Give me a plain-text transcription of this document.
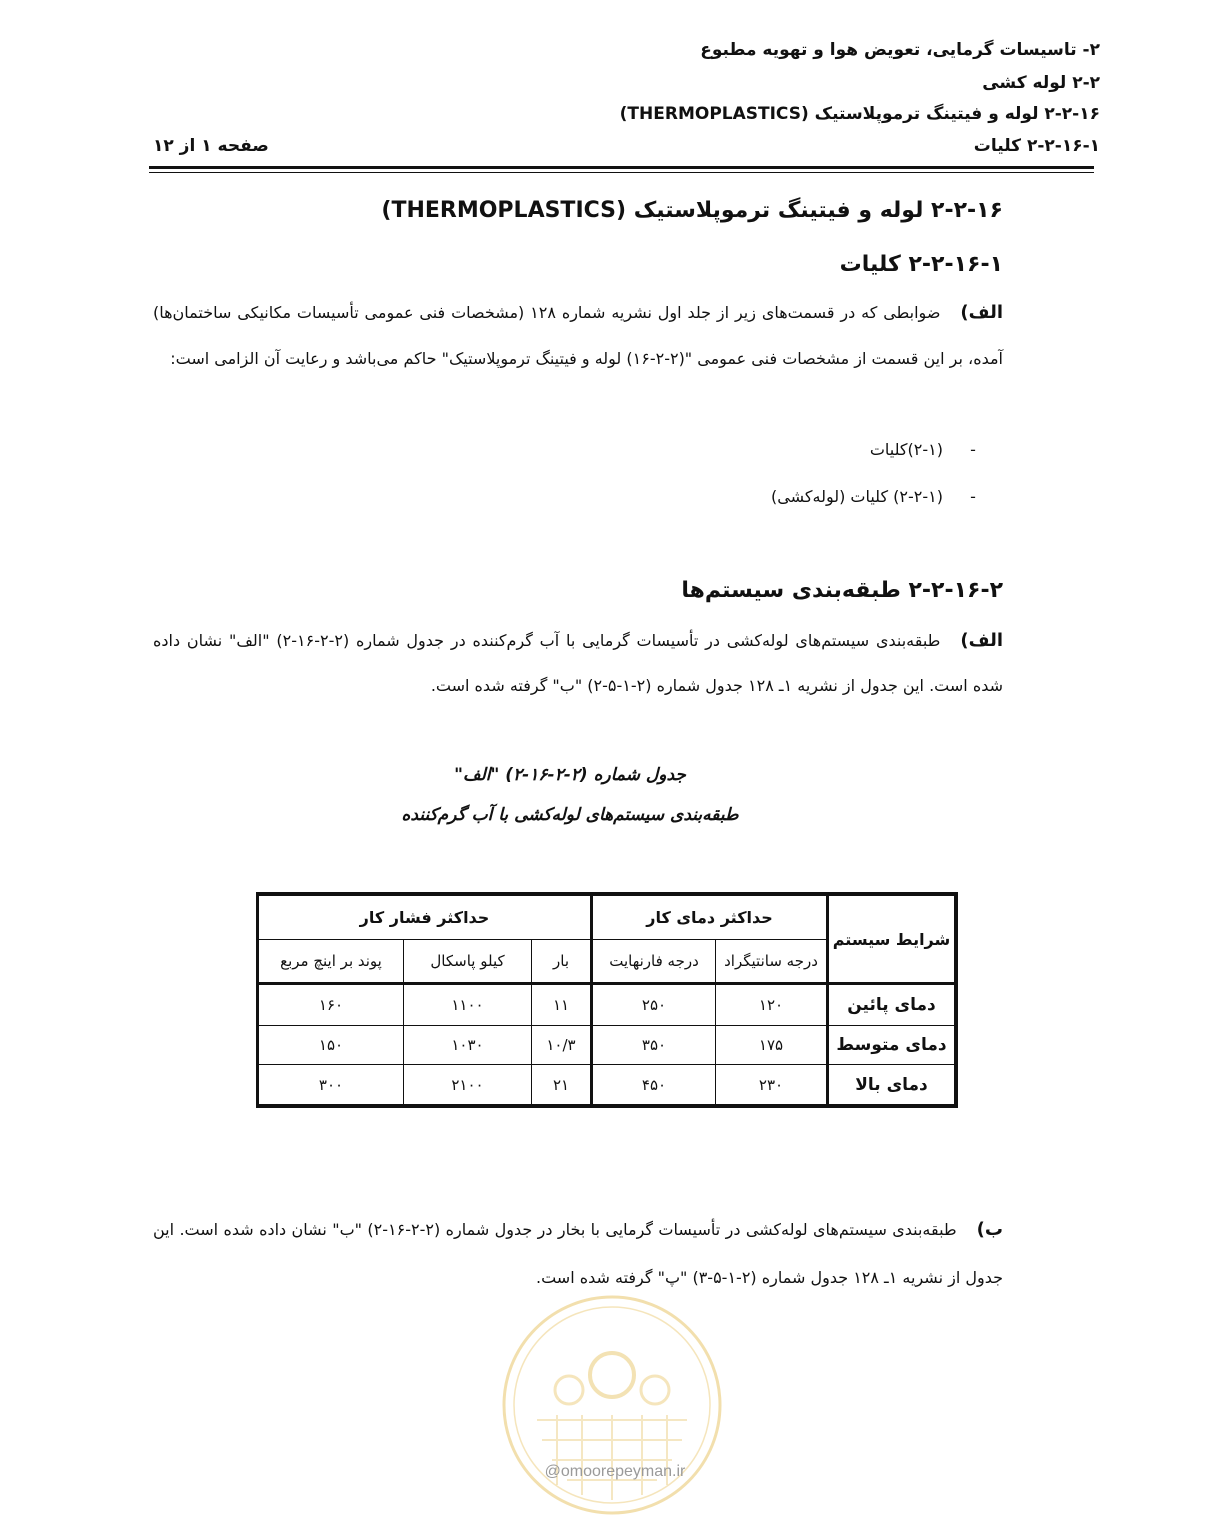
۲- تاسیسات گرمایی، تعویض هوا و تهویه مطبوع
۲-۲ لوله کشی
۲-۲-۱۶ لوله و فیتینگ ترموپلاستیک (THERMOPLASTICS)
۲-۲-۱۶-۱ کلیات
صفحه ۱ از ۱۲
۲-۲-۱۶ لوله و فیتینگ ترموپلاستیک (THERMOPLASTICS)
۲-۲-۱۶-۱ کلیات
الف)ضوابطی که در قسمت‌های زیر از جلد اول نشریه شماره ۱۲۸ (مشخصات فنی عمومی تأسیسات مکانیکی ساختمان‌ها) آمده، بر این قسمت از مشخصات فنی عمومی "(۲-۲-۱۶) لوله و فیتینگ ترموپلاستیک" حاکم می‌باشد و رعایت آن الزامی است:
-(۲-۱)کلیات
-(۲-۲-۱) کلیات (لوله‌کشی)
۲-۲-۱۶-۲ طبقه‌بندی سیستم‌ها
الف)طبقه‌بندی سیستم‌های لوله‌کشی در تأسیسات گرمایی با آب گرم‌کننده در جدول شماره (۲-۲-۱۶-۲) "الف" نشان داده شده است. این جدول از نشریه ۱ـ ۱۲۸ جدول شماره (۲-۱-۵-۲) "ب" گرفته شده است.
جدول شماره (۲-۲-۱۶-۲) "الف"
طبقه‌بندی سیستم‌های لوله‌کشی با آب گرم‌کننده
شرایط سیستم	حداکثر دمای کار		حداکثر فشار کار		
	درجه سانتیگراد	درجه فارنهایت	بار	کیلو پاسکال	پوند بر اینچ مربع
دمای پائین	۱۲۰	۲۵۰	۱۱	۱۱۰۰	۱۶۰
دمای متوسط	۱۷۵	۳۵۰	۱۰/۳	۱۰۳۰	۱۵۰
دمای بالا	۲۳۰	۴۵۰	۲۱	۲۱۰۰	۳۰۰
ب)طبقه‌بندی سیستم‌های لوله‌کشی در تأسیسات گرمایی با بخار در جدول شماره (۲-۲-۱۶-۲) "ب" نشان داده شده است. این جدول از نشریه ۱ـ ۱۲۸ جدول شماره (۲-۱-۵-۳) "پ" گرفته شده است.
@omoorepeyman.ir
